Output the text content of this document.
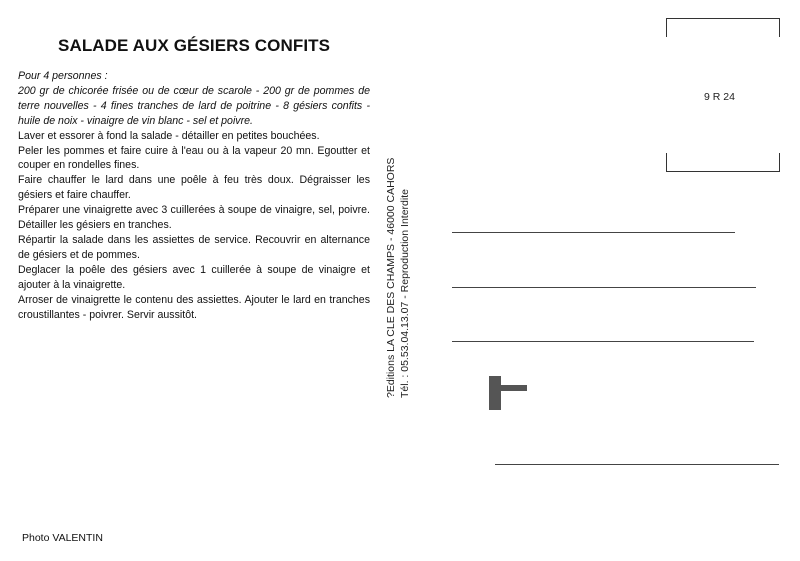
SALADE AUX GÉSIERS CONFITS

Pour 4 personnes :

200 gr de chicorée frisée ou de cœur de scarole - 200 gr de pommes de terre nouvelles - 4 fines tranches de lard de poitrine - 8 gésiers confits - huile de noix - vinaigre de vin blanc - sel et poivre.

Laver et essorer à fond la salade - détailler en petites bouchées.

Peler les pommes et faire cuire à l'eau ou à la vapeur 20 mn. Egoutter et couper en rondelles fines.

Faire chauffer le lard dans une poêle à feu très doux. Dégraisser les gésiers et faire chauffer.

Préparer une vinaigrette avec 3 cuillerées à soupe de vinaigre, sel, poivre. Détailler les gésiers en tranches.

Répartir la salade dans les assiettes de service. Recouvrir en alternance de gésiers et de pommes.

Deglacer la poêle des gésiers avec 1 cuillerée à soupe de vinaigre et ajouter à la vinaigrette.

Arroser de vinaigrette le contenu des assiettes. Ajouter le lard en tranches croustillantes - poivrer. Servir aussitôt.	?Editions LA CLE DES CHAMPS - 46000 CAHORS Tél. : 05.53.04.13.07 - Reproduction Interdite
9 R 24
Photo VALENTIN
